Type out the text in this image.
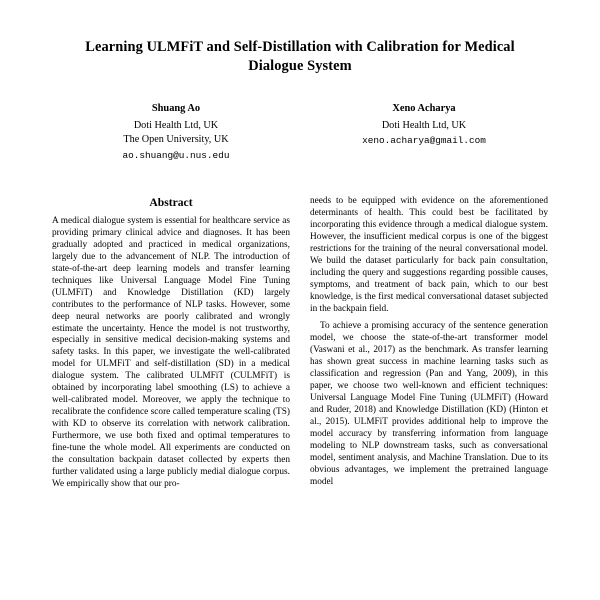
Learning ULMFiT and Self-Distillation with Calibration for Medical Dialogue System
Shuang Ao
Doti Health Ltd, UK
The Open University, UK
ao.shuang@u.nus.edu
Xeno Acharya
Doti Health Ltd, UK
xeno.acharya@gmail.com
Abstract

A medical dialogue system is essential for healthcare service as providing primary clinical advice and diagnoses. It has been gradually adopted and practiced in medical organizations, largely due to the advancement of NLP. The introduction of state-of-the-art deep learning models and transfer learning techniques like Universal Language Model Fine Tuning (ULMFiT) and Knowledge Distillation (KD) largely contributes to the performance of NLP tasks. However, some deep neural networks are poorly calibrated and wrongly estimate the uncertainty. Hence the model is not trustworthy, especially in sensitive medical decision-making systems and safety tasks. In this paper, we investigate the well-calibrated model for ULMFiT and self-distillation (SD) in a medical dialogue system. The calibrated ULMFiT (CULMFiT) is obtained by incorporating label smoothing (LS) to achieve a well-calibrated model. Moreover, we apply the technique to recalibrate the confidence score called temperature scaling (TS) with KD to observe its correlation with network calibration. Furthermore, we use both fixed and optimal temperatures to fine-tune the whole model. All experiments are conducted on the consultation backpain dataset collected by experts then further validated using a large publicly medial dialogue corpus. We empirically show that our pro-

needs to be equipped with evidence on the aforementioned determinants of health. This could best be facilitated by incorporating this evidence through a medical dialogue system. However, the insufficient medical corpus is one of the biggest restrictions for the training of the neural conversational model. We build the dataset particularly for back pain consultation, including the query and suggestions regarding possible causes, symptoms, and treatment of back pain, which to our best knowledge, is the first medical conversational dataset subjected in the backpain field.

To achieve a promising accuracy of the sentence generation model, we choose the state-of-the-art transformer model (Vaswani et al., 2017) as the benchmark. As transfer learning has shown great success in machine learning tasks such as classification and regression (Pan and Yang, 2009), in this paper, we choose two well-known and efficient techniques: Universal Language Model Fine Tuning (ULMFiT) (Howard and Ruder, 2018) and Knowledge Distillation (KD) (Hinton et al., 2015). ULMFiT provides additional help to improve the model accuracy by transferring information from language modeling to NLP downstream tasks, such as conversational model, sentiment analysis, and Machine Translation. Due to its obvious advantages, we implement the pretrained language model
